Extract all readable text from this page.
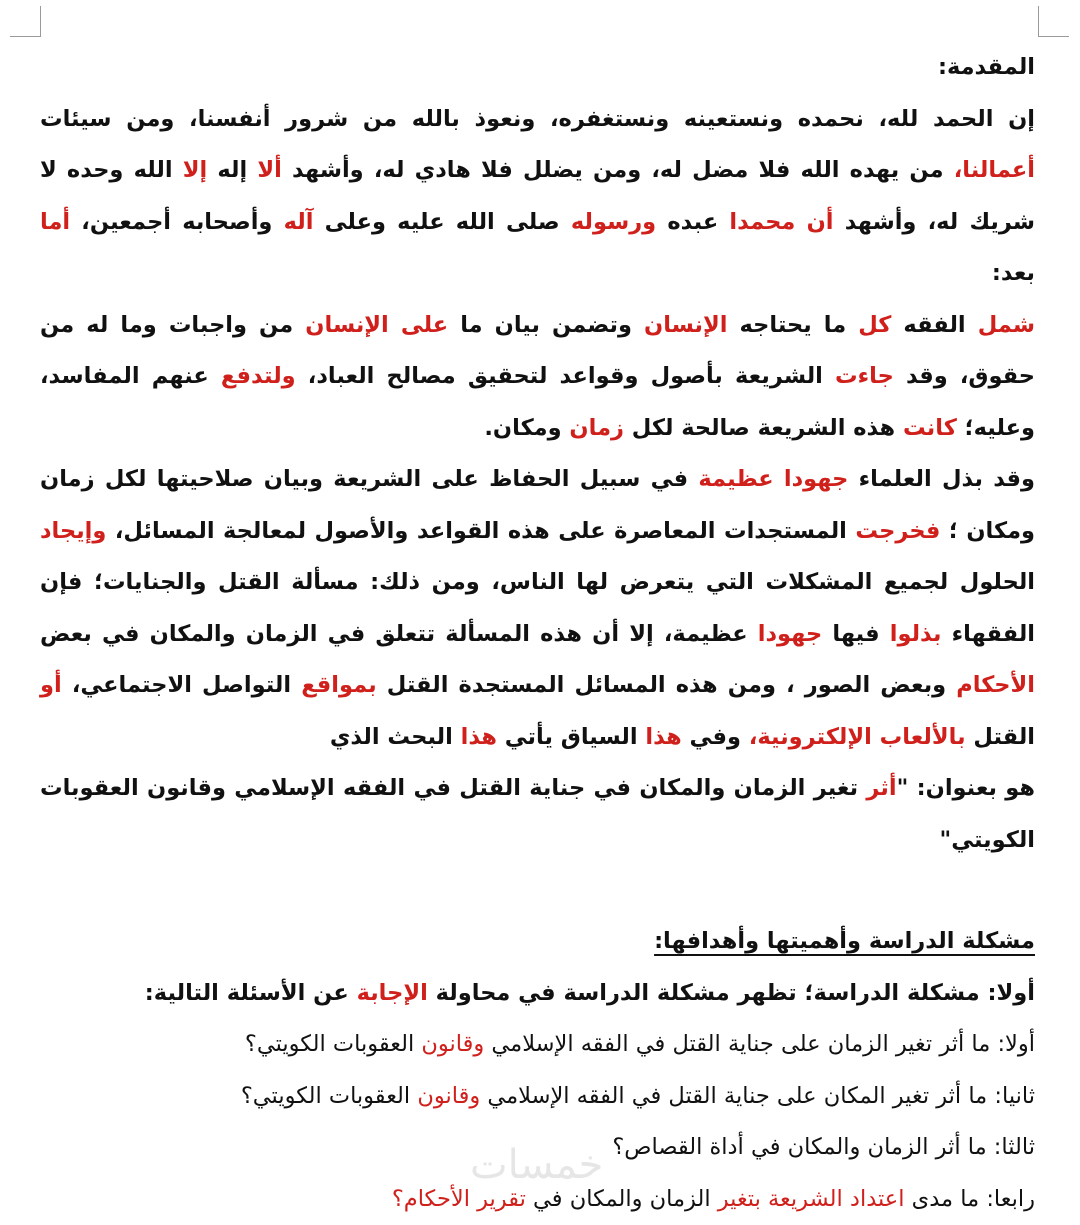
المقدمة:

إن الحمد لله، نحمده ونستعينه ونستغفره، ونعوذ بالله من شرور أنفسنا، ومن سيئات أعمالنا، من يهده الله فلا مضل له، ومن يضلل فلا هادي له، وأشهد ألا إله إلا الله وحده لا شريك له، وأشهد أن محمدا عبده ورسوله صلى الله عليه وعلى آله وأصحابه أجمعين، أما بعد:

شمل الفقه كل ما يحتاجه الإنسان وتضمن بيان ما على الإنسان من واجبات وما له من حقوق، وقد جاءت الشريعة بأصول وقواعد لتحقيق مصالح العباد، ولتدفع عنهم المفاسد، وعليه؛ كانت هذه الشريعة صالحة لكل زمان ومكان.

وقد بذل العلماء جهودا عظيمة في سبيل الحفاظ على الشريعة وبيان صلاحيتها لكل زمان ومكان ؛ فخرجت المستجدات المعاصرة على هذه القواعد والأصول لمعالجة المسائل، وإيجاد الحلول لجميع المشكلات التي يتعرض لها الناس، ومن ذلك: مسألة القتل والجنايات؛ فإن الفقهاء بذلوا فيها جهودا عظيمة، إلا أن هذه المسألة تتعلق في الزمان والمكان في بعض الأحكام وبعض الصور ، ومن هذه المسائل المستجدة القتل بمواقع التواصل الاجتماعي، أو القتل بالألعاب الإلكترونية، وفي هذا السياق يأتي هذا البحث الذي

هو بعنوان: "أثر تغير الزمان والمكان في جناية القتل في الفقه الإسلامي وقانون العقوبات الكويتي"

مشكلة الدراسة وأهميتها وأهدافها:

أولا: مشكلة الدراسة؛ تظهر مشكلة الدراسة في محاولة الإجابة عن الأسئلة التالية:

أولا: ما أثر تغير الزمان على جناية القتل في الفقه الإسلامي وقانون العقوبات الكويتي؟

ثانيا: ما أثر تغير المكان على جناية القتل في الفقه الإسلامي وقانون العقوبات الكويتي؟

ثالثا: ما أثر الزمان والمكان في أداة القصاص؟

رابعا: ما مدى اعتداد الشريعة بتغير الزمان والمكان في تقرير الأحكام؟

خمسات
